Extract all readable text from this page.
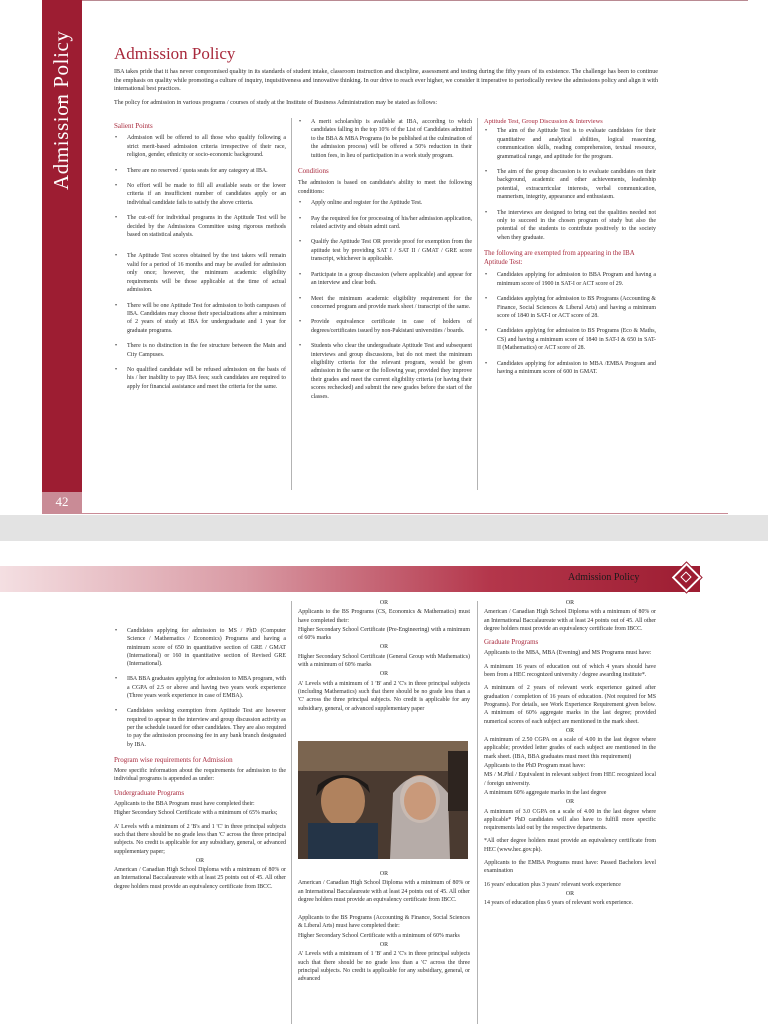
Admission Policy
42
Admission Policy

IBA takes pride that it has never compromised quality in its standards of student intake, classroom instruction and discipline, assessment and testing during the fifty years of its existence. The challenge has been to continue the emphasis on quality while promoting a culture of inquiry, inquisitiveness and innovative thinking. In our drive to reach ever higher, we consider it imperative to periodically review the admissions policy and align it with international best practices.

The policy for admission in various programs / courses of study at the Institute of Business Administration may be stated as follows:

Salient Points
• Admission will be offered to all those who qualify following a strict merit-based admission criteria irrespective of their race, religion, gender, ethnicity or socio-economic background.
• There are no reserved / quota seats for any category at IBA.
• No effort will be made to fill all available seats or the lower criteria if an insufficient number of candidates apply or an individual candidate fails to satisfy the above criteria.
• The cut-off for individual programs in the Aptitude Test will be decided by the Admissions Committee using rigorous methods based on statistical analysis.
• The Aptitude Test scores obtained by the test takers will remain valid for a period of 16 months and may be availed for admission only once; however, the minimum academic eligibility requirements will be those applicable at the time of actual admission.
• There will be one Aptitude Test for admission to both campuses of IBA. Candidates may choose their specializations after a minimum of 2 years of study at IBA for undergraduate and 1 year for graduate programs.
• There is no distinction in the fee structure between the Main and City Campuses.
• No qualified candidate will be refused admission on the basis of his / her inability to pay IBA fees; such candidates are required to apply for financial assistance and meet the criteria for the same.
• A merit scholarship is available at IBA, according to which candidates falling in the top 10% of the List of Candidates admitted to the BBA & MBA Programs (to be published at the culmination of the admission process) will be offered a 50% reduction in their tuition fees, in lieu of participation in a work study program.
Conditions

The admission is based on candidate's ability to meet the following conditions:

• Apply online and register for the Aptitude Test.
• Pay the required fee for processing of his/her admission application, related activity and obtain admit card.
• Qualify the Aptitude Test OR provide proof for exemption from the aptitude test by providing SAT I / SAT II / GMAT / GRE score transcript, whichever is applicable.
• Participate in a group discussion (where applicable) and appear for an interview and clear both.
• Meet the minimum academic eligibility requirement for the concerned program and provide mark sheet / transcript of the same.
• Provide equivalence certificate in case of holders of degrees/certificates issued by non-Pakistani universities / boards.
• Students who clear the undergraduate Aptitude Test and subsequent interviews and group discussions, but do not meet the minimum eligibility criteria for the relevant program, would be given admission in the same or the following year, provided they improve their grades and meet the current eligibility criteria (or having their scores rechecked) and submit the new grades before the start of the classes.
Aptitude Test, Group Discussion & Interviews
• The aim of the Aptitude Test is to evaluate candidates for their quantitative and analytical abilities, logical reasoning, communication skills, reading comprehension, textual resource, grammatical range, and aptitude for the program.
• The aim of the group discussion is to evaluate candidates on their background, academic and other achievements, leadership potential, extracurricular interests, verbal communication, mannerism, integrity, appearance and enthusiasm.
• The interviews are designed to bring out the qualities needed not only to succeed in the chosen program of study but also the potential of the students to contribute positively to the society when they graduate.
The following are exempted from appearing in the IBA Aptitude Test:
• Candidates applying for admission to BBA Program and having a minimum score of 1900 in SAT-I or ACT score of 29.
• Candidates applying for admission to BS Programs (Accounting & Finance, Social Sciences & Liberal Arts) and having a minimum score of 1840 in SAT-I or ACT score of 28.
• Candidates applying for admission to BS Programs (Eco & Maths, CS) and having a minimum score of 1840 in SAT-I & 650 in SAT-II (Mathematics) or ACT score of 28.
• Candidates applying for admission to MBA /EMBA Program and having a minimum score of 600 in GMAT.
Admission Policy
• Candidates applying for admission to MS / PhD (Computer Science / Mathematics / Economics) Programs and having a minimum score of 650 in quantitative section of GRE / GMAT (International) or 160 in quantitative section of Revised GRE (International).
• IBA BBA graduates applying for admission to MBA program, with a CGPA of 2.5 or above and having two years work experience (Three years work experience in case of EMBA).
• Candidates seeking exemption from Aptitude Test are however required to appear in the interview and group discussion activity as per the schedule issued for other candidates. They are also required to pay the admission processing fee in any bank branch designated by IBA.
Program wise requirements for Admission

More specific information about the requirements for admission to the individual programs is appended as under:

Undergraduate Programs

Applicants to the BBA Program must have completed their:

Higher Secondary School Certificate with a minimum of 65% marks;

A' Levels with a minimum of 2 'B's and 1 'C' in three principal subjects such that there should be no grade less than 'C' across the three principal subjects. No credit is applicable for any subsidiary, general, or advanced supplementary paper;

OR

American / Canadian High School Diploma with a minimum of 80% or an International Baccalaureate with at least 25 points out of 45. All other degree holders must provide an equivalency certificate from IBCC.

OR

Applicants to the BS Programs (CS, Economics & Mathematics) must have completed their:

Higher Secondary School Certificate (Pre-Engineering) with a minimum of 60% marks

OR

Higher Secondary School Certificate (General Group with Mathematics) with a minimum of 60% marks

OR

A' Levels with a minimum of 1 'B' and 2 'C's in three principal subjects (including Mathematics) such that there should be no grade less than a 'C' across the three principal subjects. No credit is applicable for any subsidiary, general, or advanced supplementary paper

OR

American / Canadian High School Diploma with a minimum of 80% or an International Baccalaureate with at least 24 points out of 45. All other degree holders must provide an equivalency certificate from IBCC.

Applicants to the BS Programs (Accounting & Finance, Social Sciences & Liberal Arts) must have completed their:

Higher Secondary School Certificate with a minimum of 60% marks

OR

A' Levels with a minimum of 1 'B' and 2 'C's in three principal subjects such that there should be no grade less than a 'C' across the three principal subjects. No credit is applicable for any subsidiary, general, or advanced

OR

American / Canadian High School Diploma with a minimum of 80% or an International Baccalaureate with at least 24 points out of 45. All other degree holders must provide an equivalency certificate from IBCC.

Graduate Programs

Applicants to the MBA, MBA (Evening) and MS Programs must have:

A minimum 16 years of education out of which 4 years should have been from a HEC recognized university / degree awarding institute*.

A minimum of 2 years of relevant work experience gained after graduation / completion of 16 years of education. (Not required for MS Programs). For details, see Work Experience Requirement given below. A minimum of 60% aggregate marks in the last degree; provided numerical scores of each subject are mentioned in the mark sheet.

OR

A minimum of 2.50 CGPA on a scale of 4.00 in the last degree where applicable; provided letter grades of each subject are mentioned in the mark sheet. (IBA, BBA graduates must meet this requirement)

Applicants to the PhD Program must have:

MS / M.Phil / Equivalent in relevant subject from HEC recognized local / foreign university.

A minimum 60% aggregate marks in the last degree

OR

A minimum of 3.0 CGPA on a scale of 4.00 in the last degree where applicable* PhD candidates will also have to fulfill more specific requirements laid out by the respective departments.

*All other degree holders must provide an equivalency certificate from HEC (www.hec.gov.pk).

Applicants to the EMBA Programs must have: Passed Bachelors level examination

16 years' education plus 3 years' relevant work experience

OR

14 years of education plus 6 years of relevant work experience.
